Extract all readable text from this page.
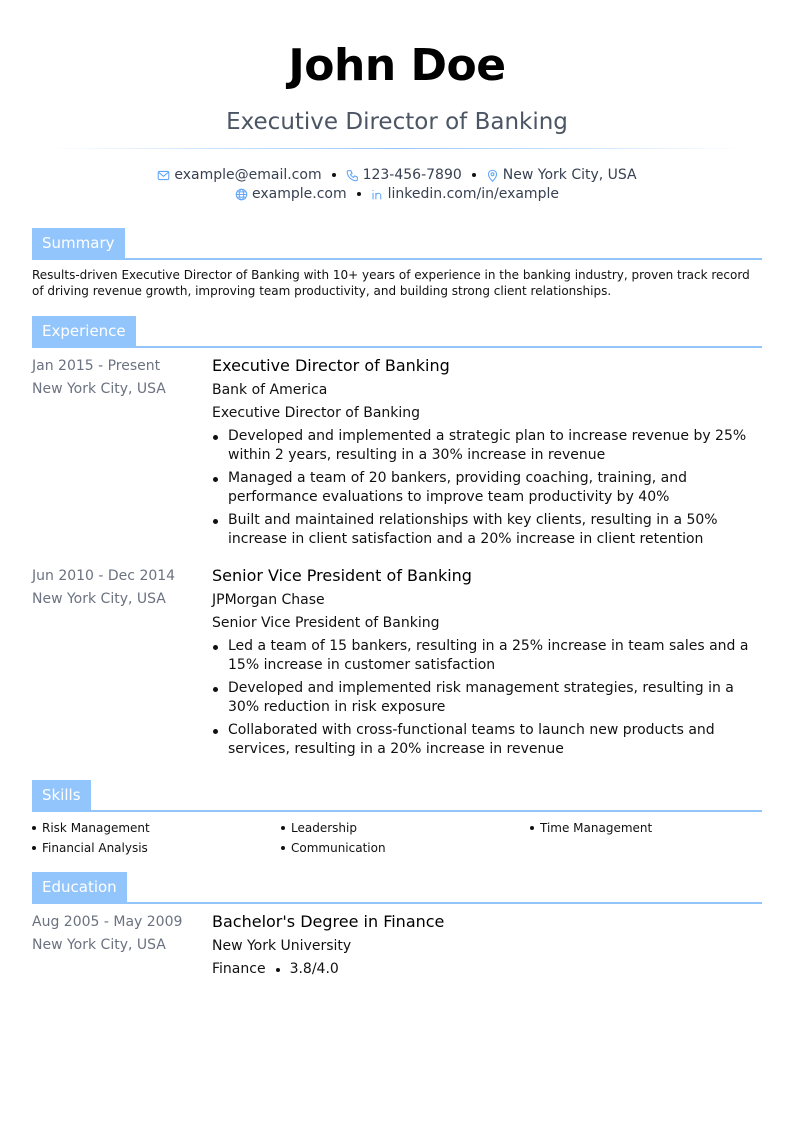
John Doe
Executive Director of Banking
example@email.com	123-456-7890	New York City, USA
example.com	linkedin.com/in/example
Summary
Results-driven Executive Director of Banking with 10+ years of experience in the banking industry, proven track record of driving revenue growth, improving team productivity, and building strong client relationships.
Experience
Jan 2015 - Present
New York City, USA
Executive Director of Banking
Bank of America
Executive Director of Banking
Developed and implemented a strategic plan to increase revenue by 25% within 2 years, resulting in a 30% increase in revenue
Managed a team of 20 bankers, providing coaching, training, and performance evaluations to improve team productivity by 40%
Built and maintained relationships with key clients, resulting in a 50% increase in client satisfaction and a 20% increase in client retention
Jun 2010 - Dec 2014
New York City, USA
Senior Vice President of Banking
JPMorgan Chase
Senior Vice President of Banking
Led a team of 15 bankers, resulting in a 25% increase in team sales and a 15% increase in customer satisfaction
Developed and implemented risk management strategies, resulting in a 30% reduction in risk exposure
Collaborated with cross-functional teams to launch new products and services, resulting in a 20% increase in revenue
Skills
Risk Management	Leadership	Time Management
Financial Analysis	Communication
Education
Aug 2005 - May 2009
New York City, USA
Bachelor's Degree in Finance
New York University
Finance 3.8/4.0
